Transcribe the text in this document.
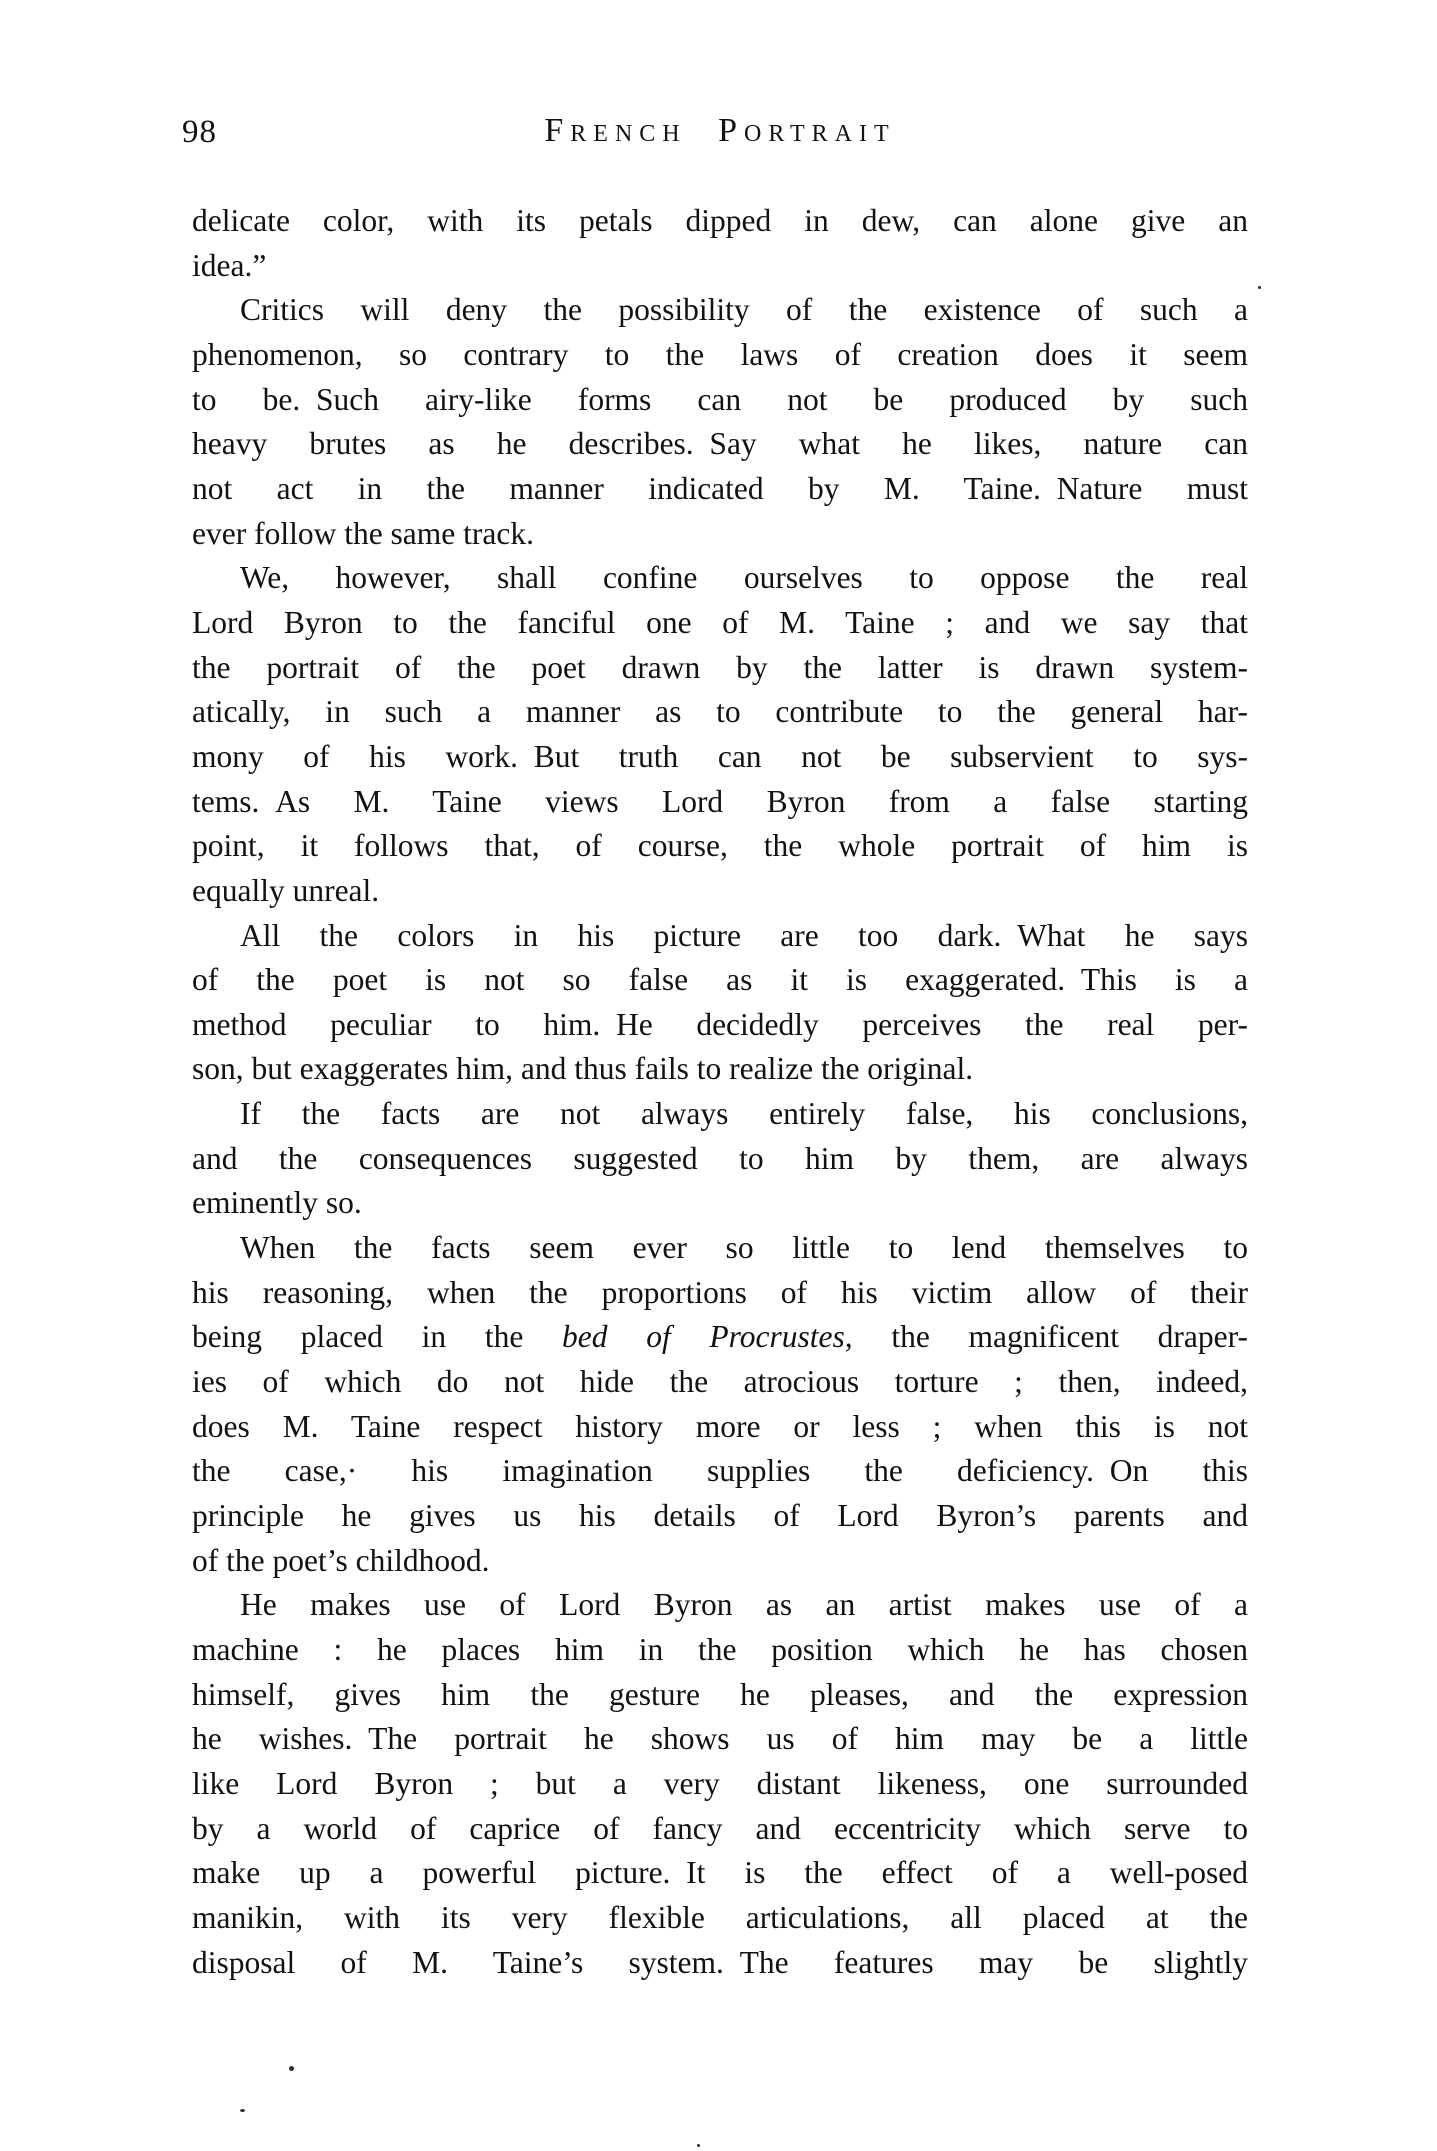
98	French Portrait
delicate color, with its petals dipped in dew, can alone give an
idea.”
Critics will deny the possibility of the existence of such a
phenomenon, so contrary to the laws of creation does it seem
to be. Such airy-like forms can not be produced by such
heavy brutes as he describes. Say what he likes, nature can
not act in the manner indicated by M. Taine. Nature must
ever follow the same track.
We, however, shall confine ourselves to oppose the real
Lord Byron to the fanciful one of M. Taine ; and we say that
the portrait of the poet drawn by the latter is drawn system-
atically, in such a manner as to contribute to the general har-
mony of his work. But truth can not be subservient to sys-
tems. As M. Taine views Lord Byron from a false starting
point, it follows that, of course, the whole portrait of him is
equally unreal.
All the colors in his picture are too dark. What he says
of the poet is not so false as it is exaggerated. This is a
method peculiar to him. He decidedly perceives the real per-
son, but exaggerates him, and thus fails to realize the original.
If the facts are not always entirely false, his conclusions,
and the consequences suggested to him by them, are always
eminently so.
When the facts seem ever so little to lend themselves to
his reasoning, when the proportions of his victim allow of their
being placed in the bed of Procrustes, the magnificent draper-
ies of which do not hide the atrocious torture ; then, indeed,
does M. Taine respect history more or less ; when this is not
the case,· his imagination supplies the deficiency. On this
principle he gives us his details of Lord Byron’s parents and
of the poet’s childhood.
He makes use of Lord Byron as an artist makes use of a
machine : he places him in the position which he has chosen
himself, gives him the gesture he pleases, and the expression
he wishes. The portrait he shows us of him may be a little
like Lord Byron ; but a very distant likeness, one surrounded
by a world of caprice of fancy and eccentricity which serve to
make up a powerful picture. It is the effect of a well-posed
manikin, with its very flexible articulations, all placed at the
disposal of M. Taine’s system. The features may be slightly
